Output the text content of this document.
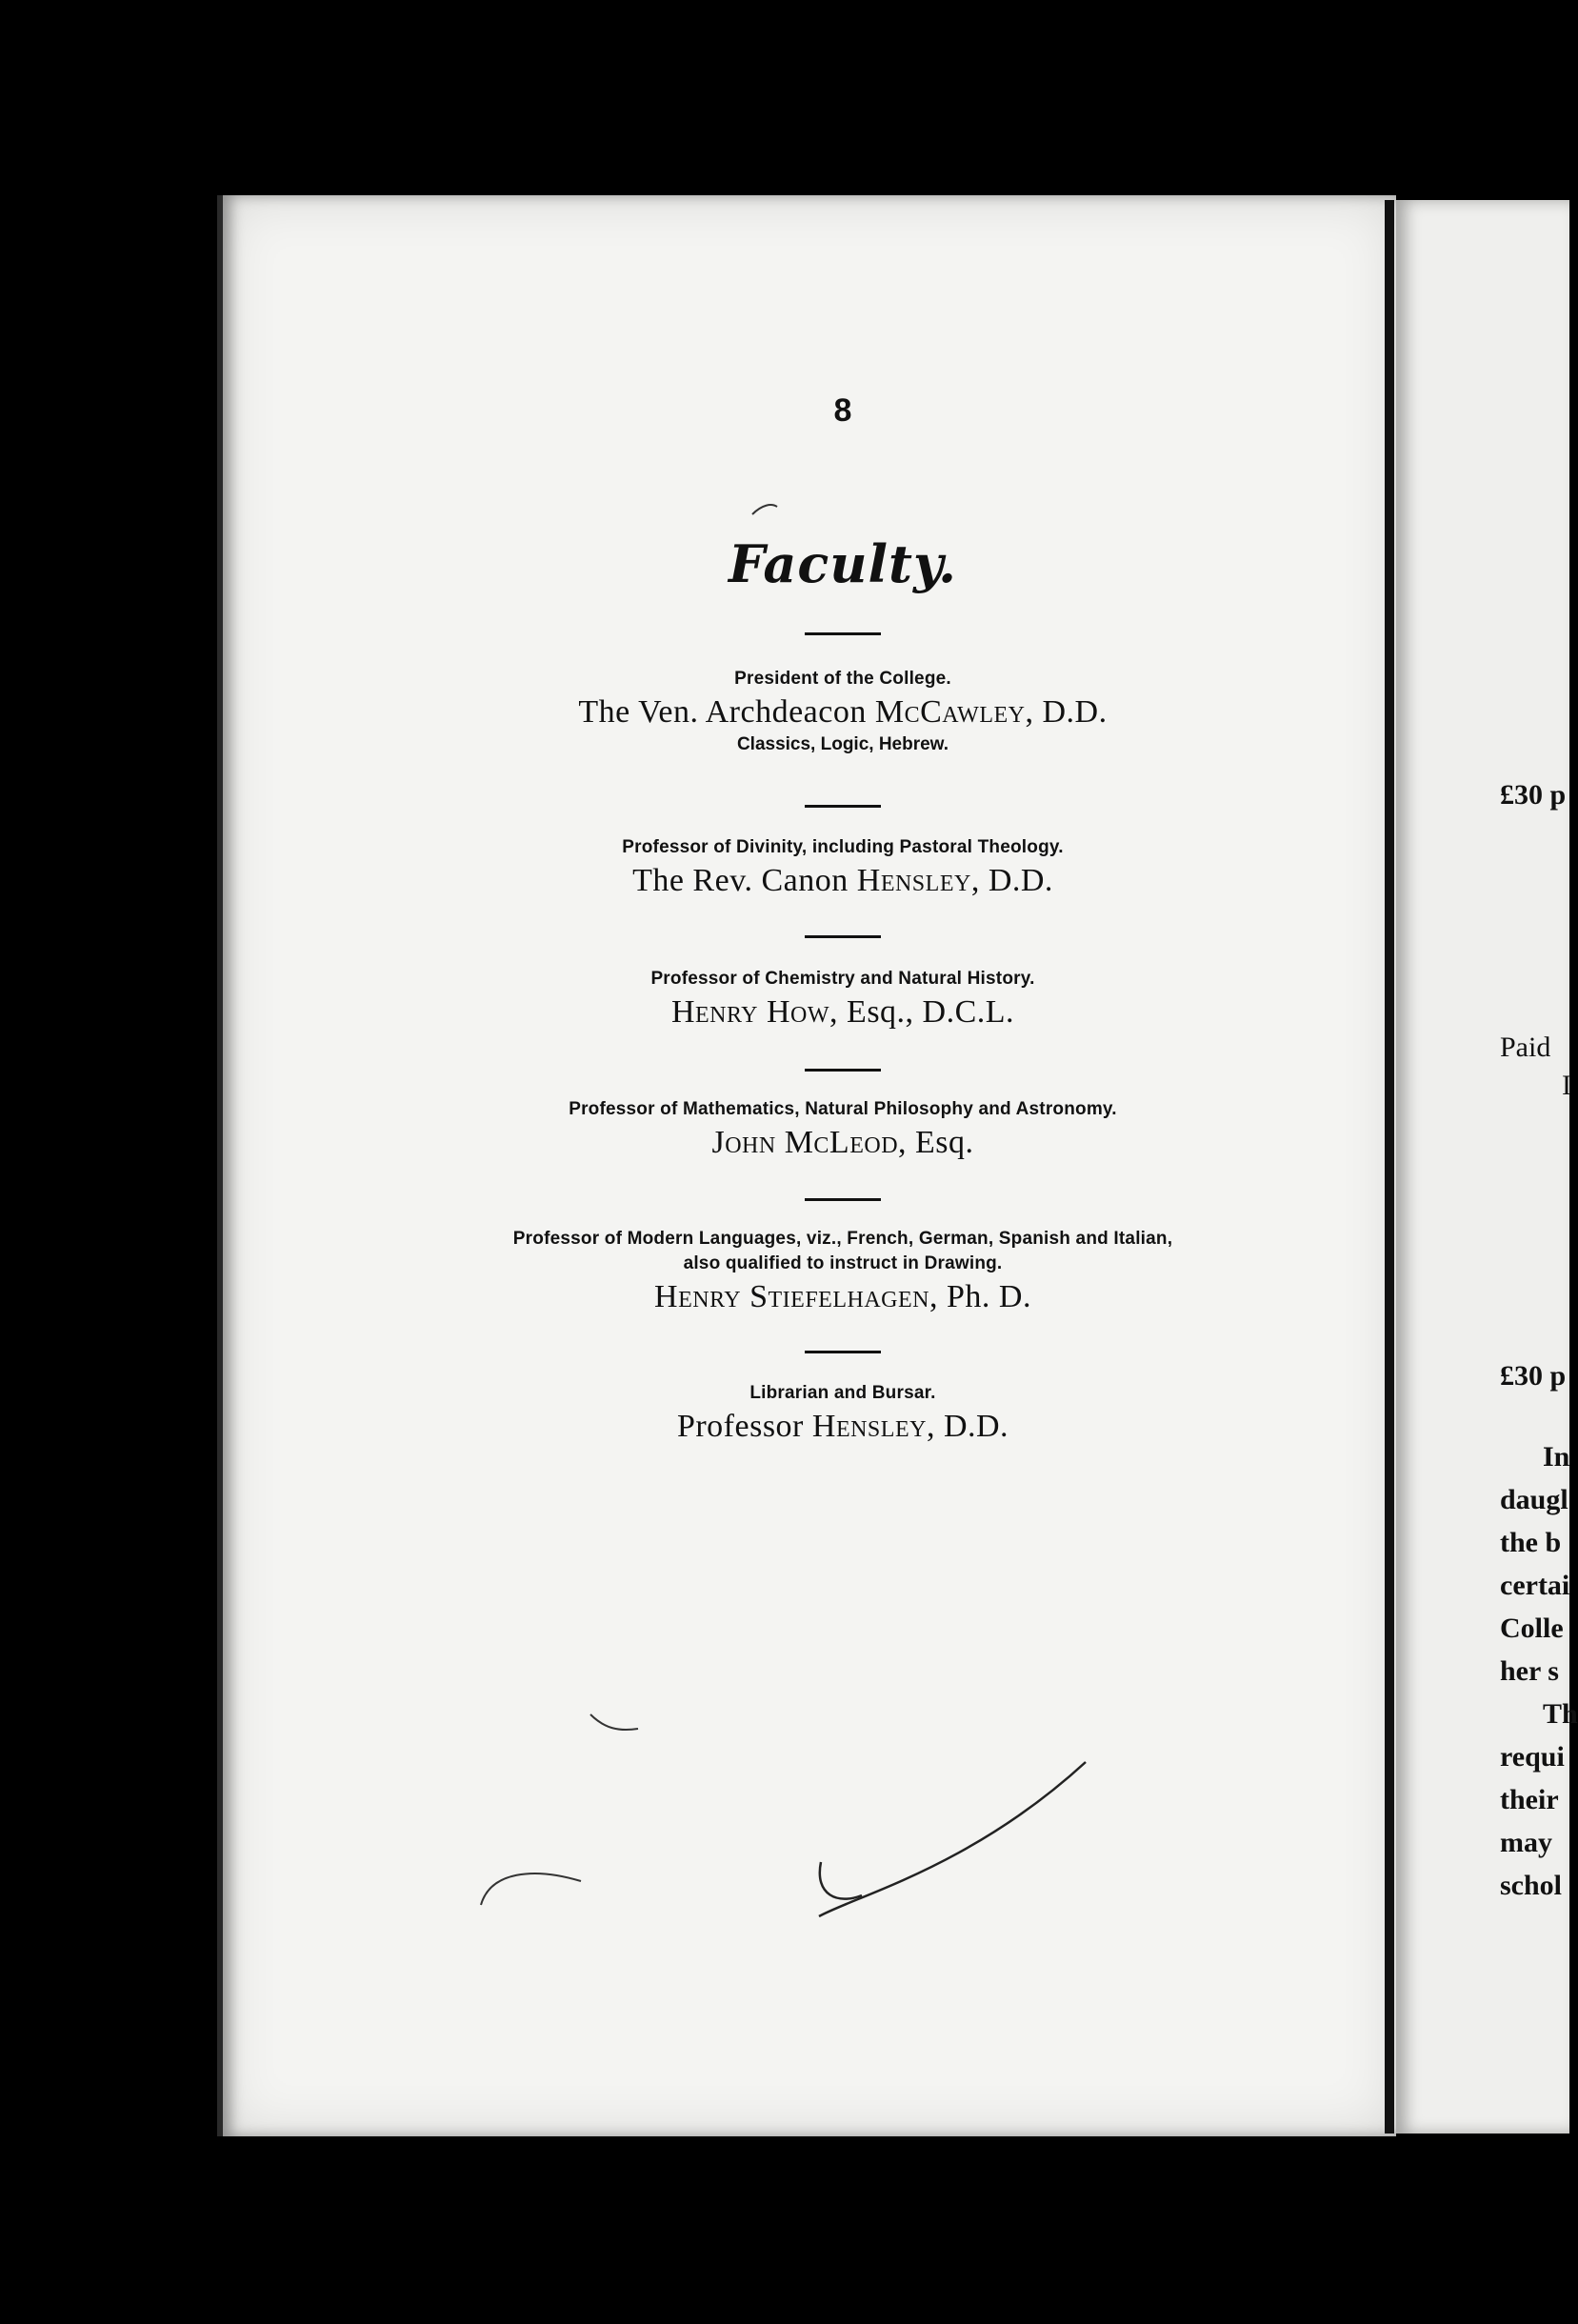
8
Faculty.
President of the College.
The Ven. Archdeacon McCawley, D.D.
Classics, Logic, Hebrew.
Professor of Divinity, including Pastoral Theology.
The Rev. Canon Hensley, D.D.
Professor of Chemistry and Natural History.
Henry How, Esq., D.C.L.
Professor of Mathematics, Natural Philosophy and Astronomy.
John McLeod, Esq.
Professor of Modern Languages, viz., French, German, Spanish and Italian,
also qualified to instruct in Drawing.
Henry Stiefelhagen, Ph. D.
Librarian and Bursar.
Professor Hensley, D.D.
£30 p
Paid
I
£30 p
In
daugl
the b
certai
Colle
her s
Th
requi
their
may
schol
